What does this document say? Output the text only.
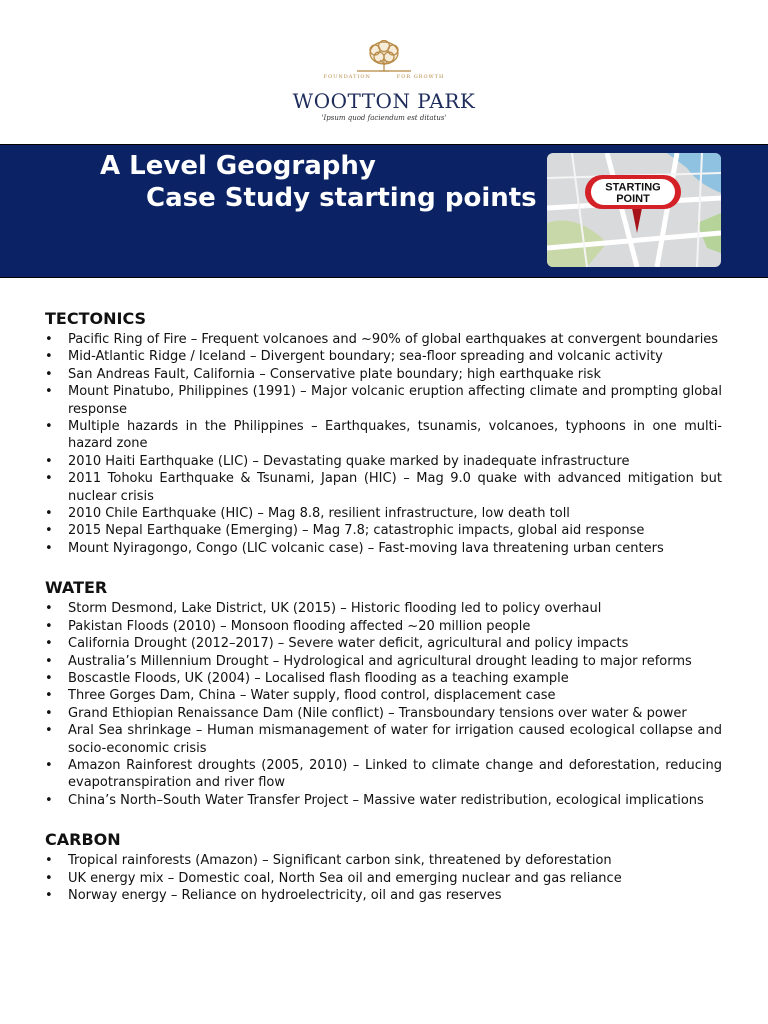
FOUNDATION	FOR GROWTH
WOOTTON PARK
'Ipsum quod faciendum est ditatus'
A Level Geography
Case Study starting points	STARTING
POINT
TECTONICS
• Pacific Ring of Fire – Frequent volcanoes and ~90% of global earthquakes at convergent boundaries
• Mid-Atlantic Ridge / Iceland – Divergent boundary; sea-floor spreading and volcanic activity
• San Andreas Fault, California – Conservative plate boundary; high earthquake risk
• Mount Pinatubo, Philippines (1991) – Major volcanic eruption affecting climate and prompting global response
• Multiple hazards in the Philippines – Earthquakes, tsunamis, volcanoes, typhoons in one multi-hazard zone
• 2010 Haiti Earthquake (LIC) – Devastating quake marked by inadequate infrastructure
• 2011 Tohoku Earthquake & Tsunami, Japan (HIC) – Mag 9.0 quake with advanced mitigation but nuclear crisis
• 2010 Chile Earthquake (HIC) – Mag 8.8, resilient infrastructure, low death toll
• 2015 Nepal Earthquake (Emerging) – Mag 7.8; catastrophic impacts, global aid response
• Mount Nyiragongo, Congo (LIC volcanic case) – Fast-moving lava threatening urban centers
WATER
• Storm Desmond, Lake District, UK (2015) – Historic flooding led to policy overhaul
• Pakistan Floods (2010) – Monsoon flooding affected ~20 million people
• California Drought (2012–2017) – Severe water deficit, agricultural and policy impacts
• Australia’s Millennium Drought – Hydrological and agricultural drought leading to major reforms
• Boscastle Floods, UK (2004) – Localised flash flooding as a teaching example
• Three Gorges Dam, China – Water supply, flood control, displacement case
• Grand Ethiopian Renaissance Dam (Nile conflict) – Transboundary tensions over water & power
• Aral Sea shrinkage – Human mismanagement of water for irrigation caused ecological collapse and socio-economic crisis
• Amazon Rainforest droughts (2005, 2010) – Linked to climate change and deforestation, reducing evapotranspiration and river flow
• China’s North–South Water Transfer Project – Massive water redistribution, ecological implications
CARBON
• Tropical rainforests (Amazon) – Significant carbon sink, threatened by deforestation
• UK energy mix – Domestic coal, North Sea oil and emerging nuclear and gas reliance
• Norway energy – Reliance on hydroelectricity, oil and gas reserves
